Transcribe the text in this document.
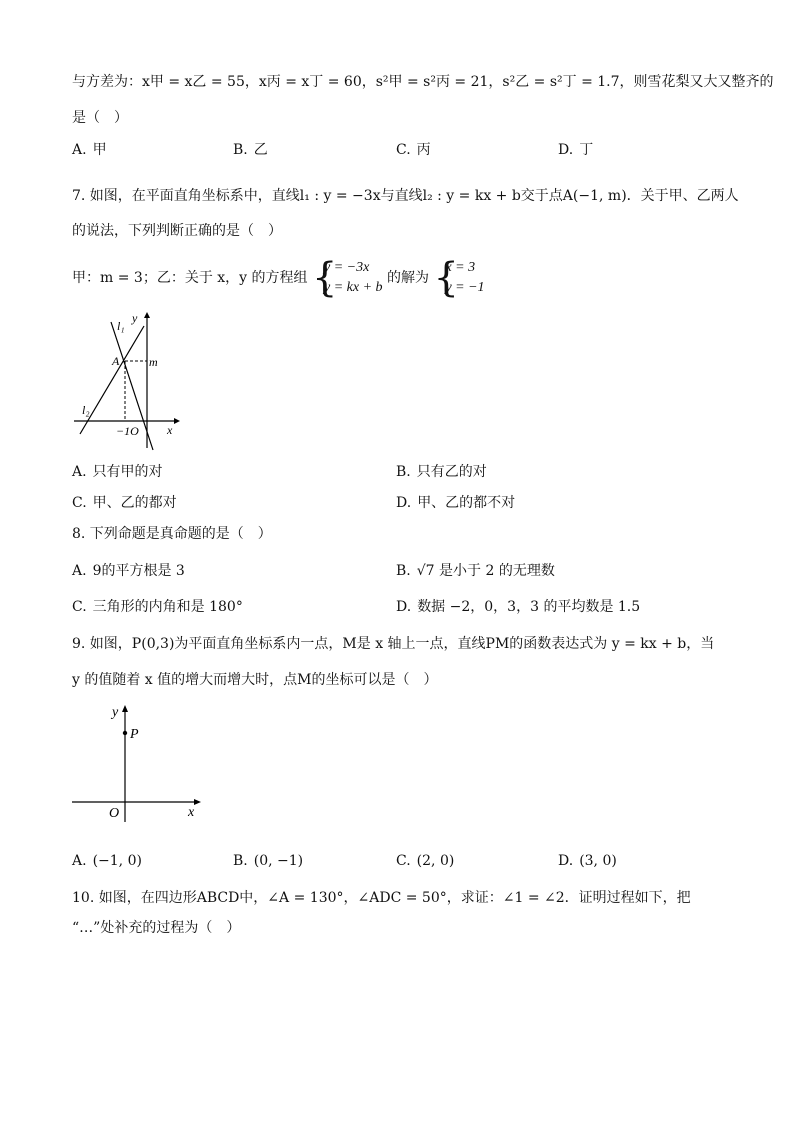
与方差为：x甲 = x乙 = 55，x丙 = x丁 = 60，s²甲 = s²丙 = 21，s²乙 = s²丁 = 1.7，则雪花梨又大又整齐的
是（　）
A. 甲	B. 乙	C. 丙	D. 丁
7. 如图，在平面直角坐标系中，直线l₁ : y = −3x与直线l₂ : y = kx + b交于点A(−1, m)．关于甲、乙两人
的说法，下列判断正确的是（　）
甲：m = 3；乙：关于 x，y 的方程组
{ y = −3x
y = kx + b
的解为
{ x = 3
y = −1
y
l₁
A m
l₂
−1O x
A. 只有甲的对	B. 只有乙的对
C. 甲、乙的都对	D. 甲、乙的都不对
8. 下列命题是真命题的是（　）
A. 9的平方根是 3	B. √7 是小于 2 的无理数
C. 三角形的内角和是 180°	D. 数据 −2，0，3，3 的平均数是 1.5
9. 如图，P(0,3)为平面直角坐标系内一点，M是 x 轴上一点，直线PM的函数表达式为 y = kx + b，当
y 的值随着 x 值的增大而增大时，点M的坐标可以是（　）
y
P
O	x
A. (−1, 0)	B. (0, −1)	C. (2, 0)	D. (3, 0)
10. 如图，在四边形ABCD中，∠A = 130°，∠ADC = 50°，求证：∠1 = ∠2．证明过程如下，把
“…”处补充的过程为（　）
